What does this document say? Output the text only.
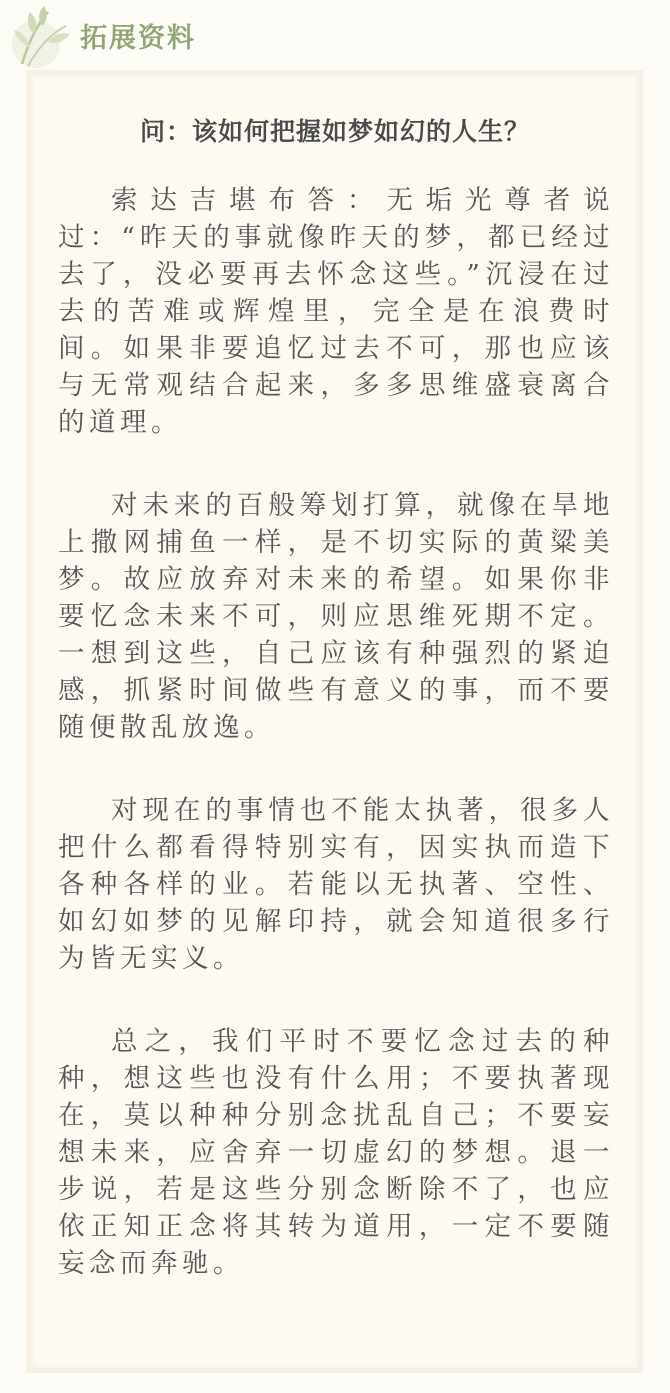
拓展资料
问：该如何把握如梦如幻的人生？

索达吉堪布答：无垢光尊者说过：“昨天的事就像昨天的梦，都已经过去了，没必要再去怀念这些。”沉浸在过去的苦难或辉煌里，完全是在浪费时间。如果非要追忆过去不可，那也应该与无常观结合起来，多多思维盛衰离合的道理。

对未来的百般筹划打算，就像在旱地上撒网捕鱼一样，是不切实际的黄粱美梦。故应放弃对未来的希望。如果你非要忆念未来不可，则应思维死期不定。一想到这些，自己应该有种强烈的紧迫感，抓紧时间做些有意义的事，而不要随便散乱放逸。

对现在的事情也不能太执著，很多人把什么都看得特别实有，因实执而造下各种各样的业。若能以无执著、空性、如幻如梦的见解印持，就会知道很多行为皆无实义。

总之，我们平时不要忆念过去的种种，想这些也没有什么用；不要执著现在，莫以种种分别念扰乱自己；不要妄想未来，应舍弃一切虚幻的梦想。退一步说，若是这些分别念断除不了，也应依正知正念将其转为道用，一定不要随妄念而奔驰。
